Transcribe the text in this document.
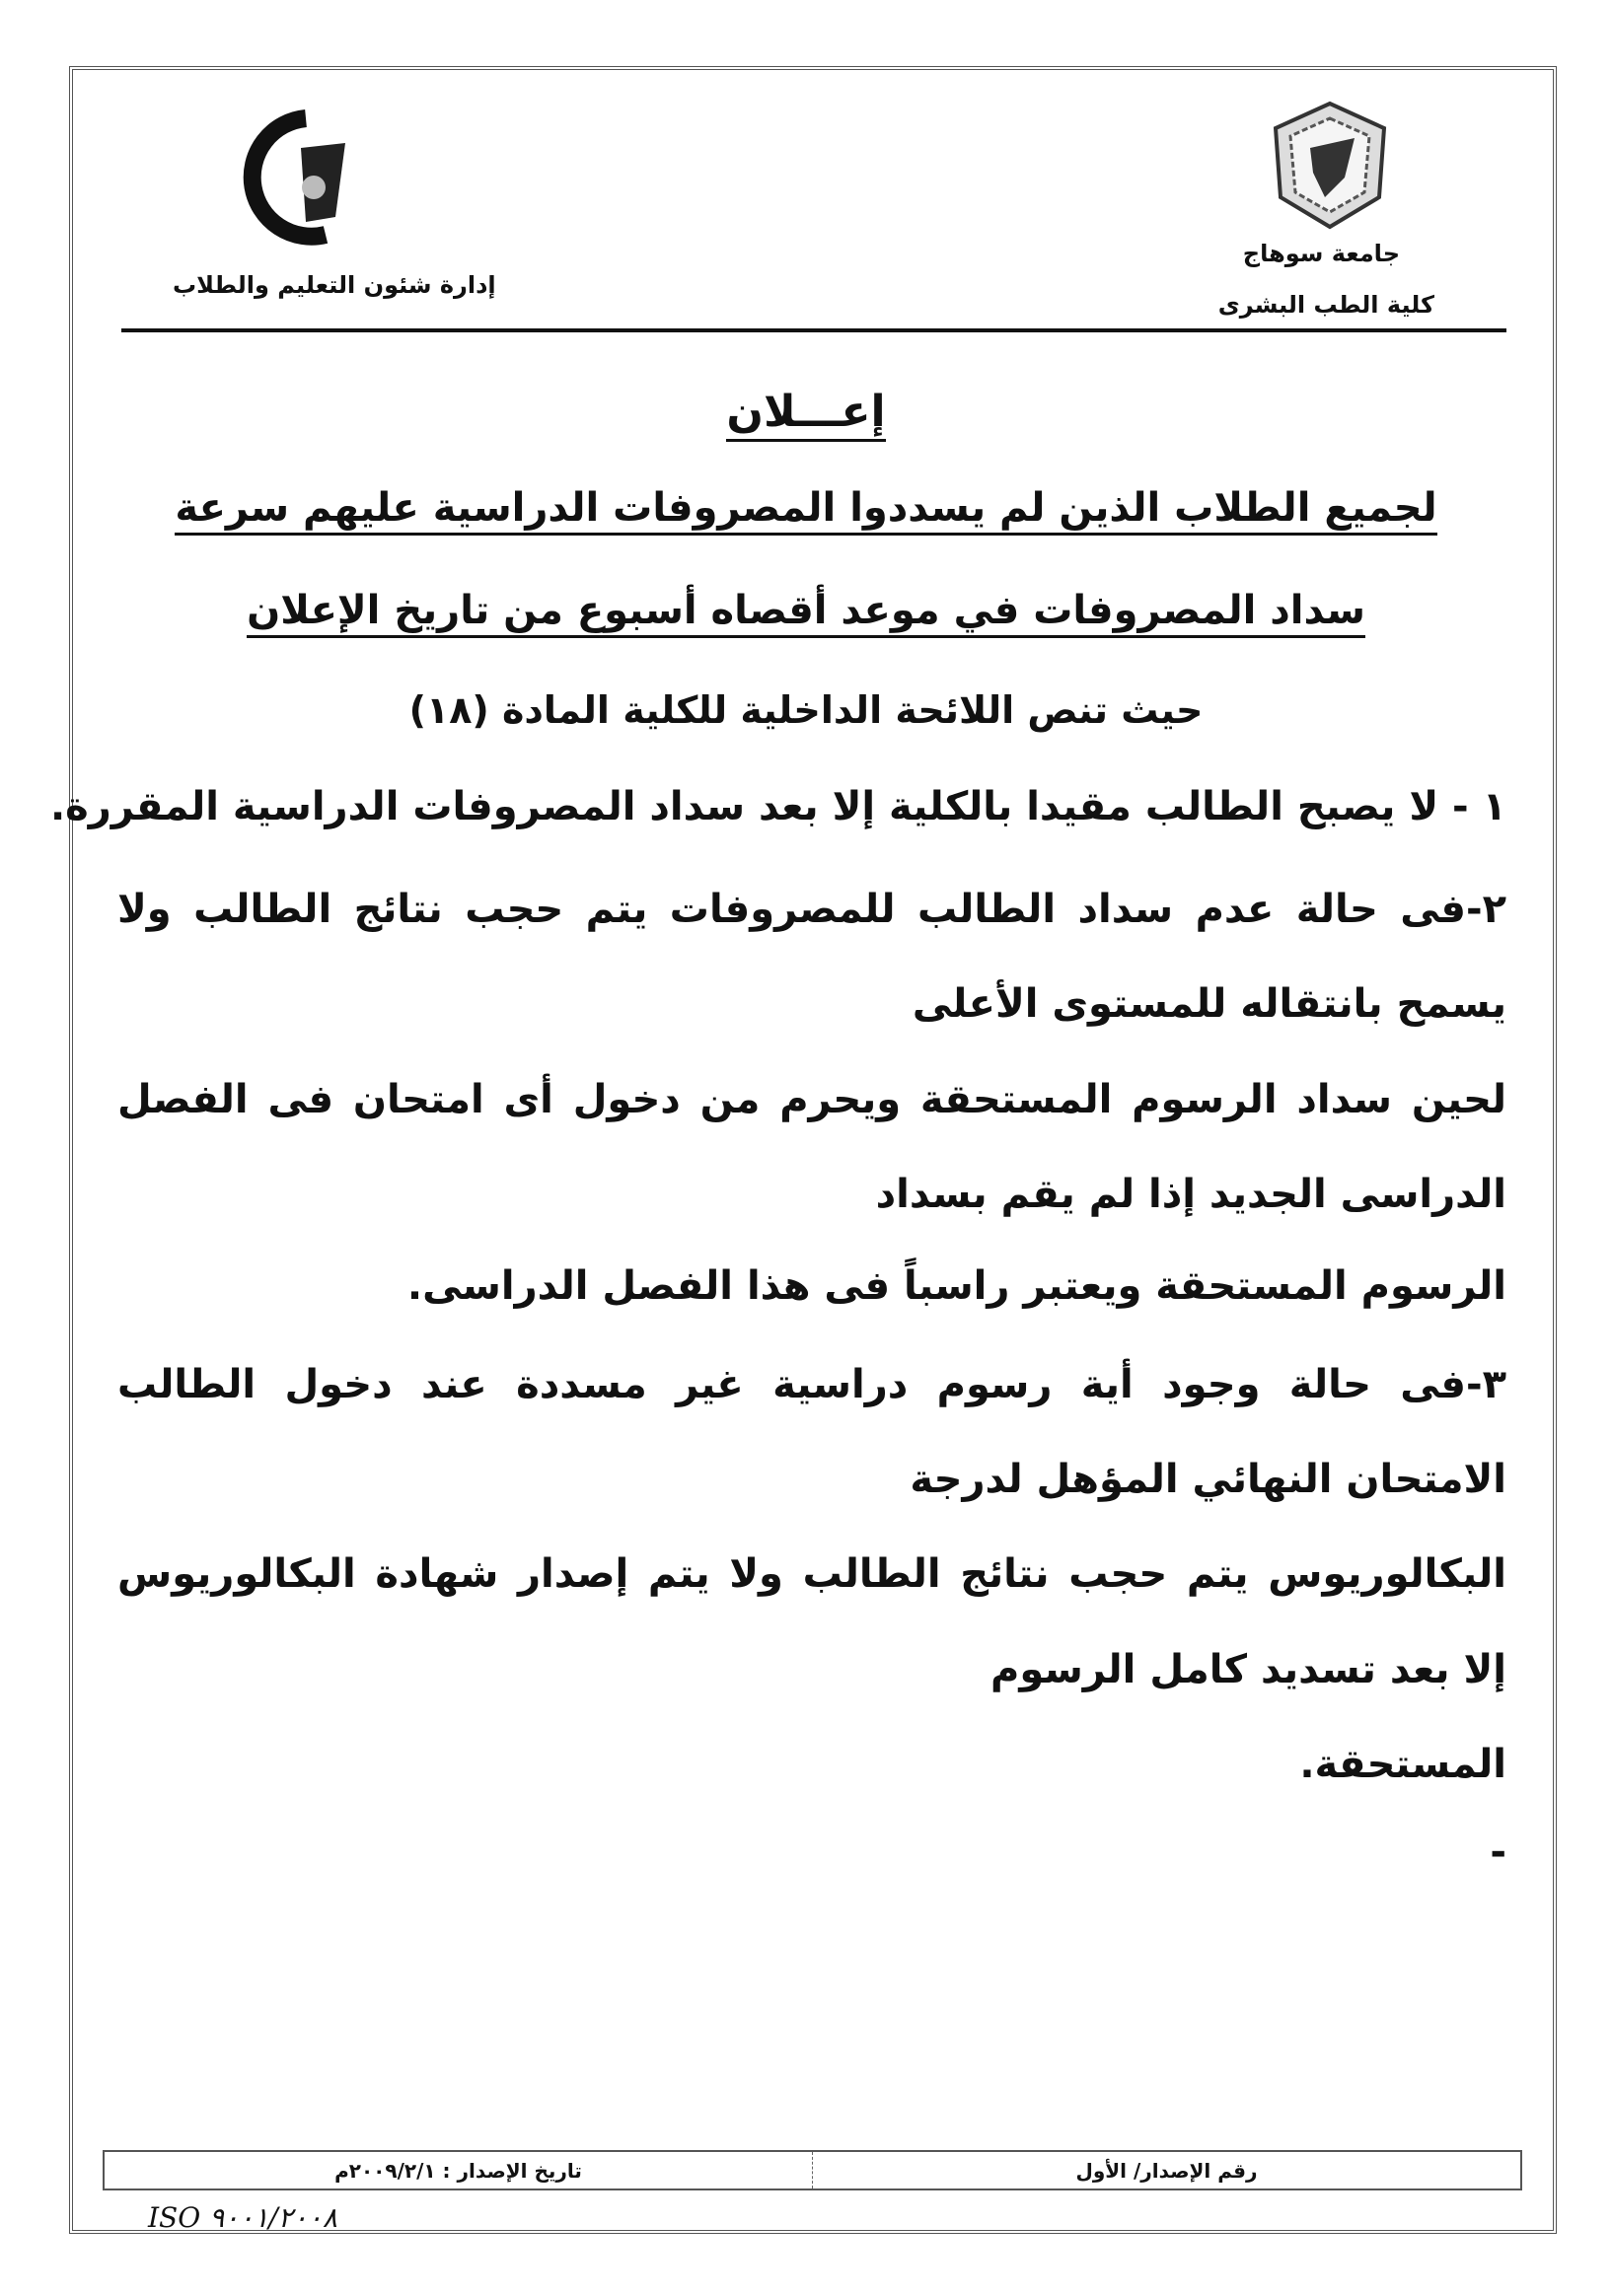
جامعة سوهاج
كلية الطب البشرى
إدارة شئون التعليم والطلاب
إعـــلان
لجميع الطلاب الذين لم يسددوا المصروفات الدراسية عليهم سرعة
سداد المصروفات في موعد أقصاه أسبوع من تاريخ الإعلان
حيث تنص اللائحة الداخلية للكلية المادة (١٨)
١ - لا يصبح الطالب مقيدا بالكلية إلا بعد سداد المصروفات الدراسية المقررة.
٢-فى حالة عدم سداد الطالب للمصروفات يتم حجب نتائج الطالب ولا
يسمح بانتقاله للمستوى الأعلى
لحين سداد الرسوم المستحقة ويحرم من دخول أى امتحان فى الفصل
الدراسى الجديد إذا لم يقم بسداد
الرسوم المستحقة ويعتبر راسباً فى هذا الفصل الدراسى.
٣-فى حالة وجود أية رسوم دراسية غير مسددة عند دخول الطالب
الامتحان النهائي المؤهل لدرجة
البكالوريوس يتم حجب نتائج الطالب ولا يتم إصدار شهادة البكالوريوس
إلا بعد تسديد كامل الرسوم
المستحقة.
-
رقم الإصدار/ الأول
تاريخ الإصدار : ٢٠٠٩/٢/١م
ISO ٩٠٠١/٢٠٠٨
